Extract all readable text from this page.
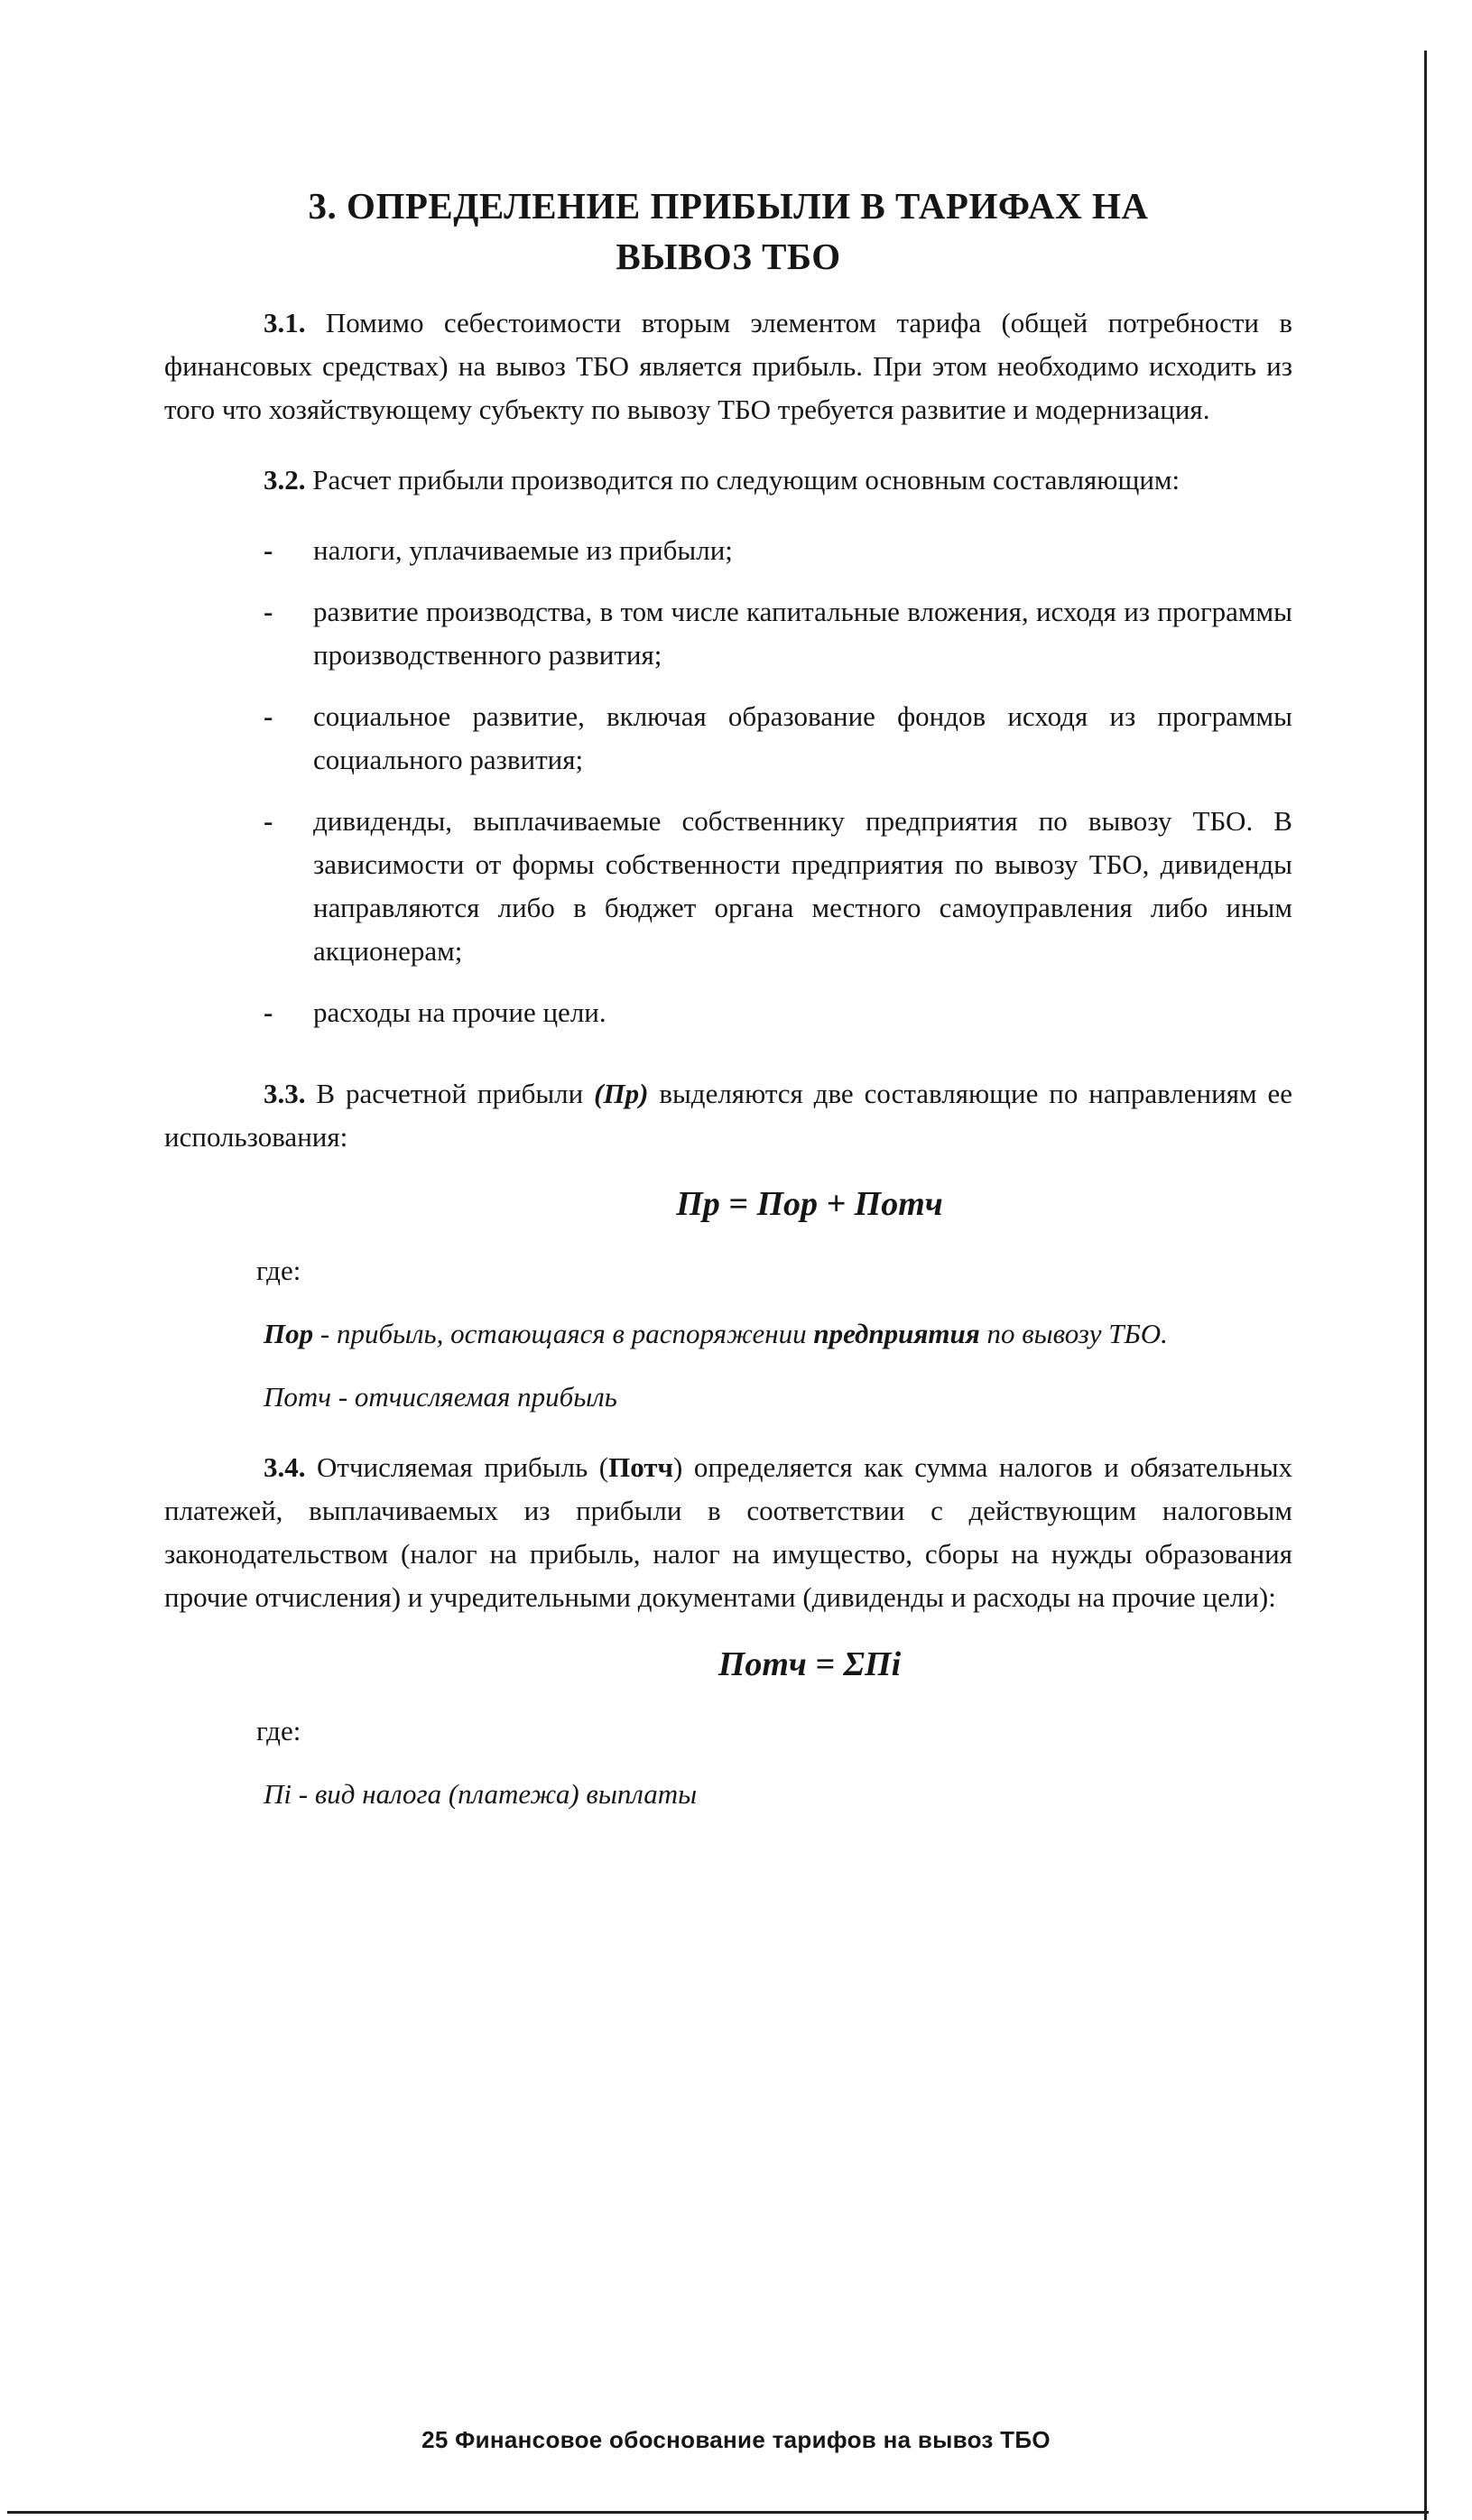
3. ОПРЕДЕЛЕНИЕ ПРИБЫЛИ В ТАРИФАХ НА
ВЫВОЗ ТБО

3.1. Помимо себестоимости вторым элементом тарифа (общей потребности в финансовых средствах) на вывоз ТБО является прибыль. При этом необходимо исходить из того что хозяйствующему субъекту по вывозу ТБО требуется развитие и модернизация.

3.2. Расчет прибыли производится по следующим основным составляющим:

- налоги, уплачиваемые из прибыли;
- развитие производства, в том числе капитальные вложения, исходя из программы производственного развития;
- социальное развитие, включая образование фондов исходя из программы социального развития;
- дивиденды, выплачиваемые собственнику предприятия по вывозу ТБО. В зависимости от формы собственности предприятия по вывозу ТБО, дивиденды направляются либо в бюджет органа местного самоуправления либо иным акционерам;
- расходы на прочие цели.

3.3. В расчетной прибыли (Пр) выделяются две составляющие по направлениям ее использования:

Пр = Пор + Потч
где:
Пор - прибыль, остающаяся в распоряжении предприятия по вывозу ТБО.
Потч - отчисляемая прибыль

3.4. Отчисляемая прибыль (Потч) определяется как сумма налогов и обязательных платежей, выплачиваемых из прибыли в соответствии с действующим налоговым законодательством (налог на прибыль, налог на имущество, сборы на нужды образования прочие отчисления) и учредительными документами (дивиденды и расходы на прочие цели):

Потч = ΣПi
где:
Пi - вид налога (платежа) выплаты
25 Финансовое обоснование тарифов на вывоз ТБО
